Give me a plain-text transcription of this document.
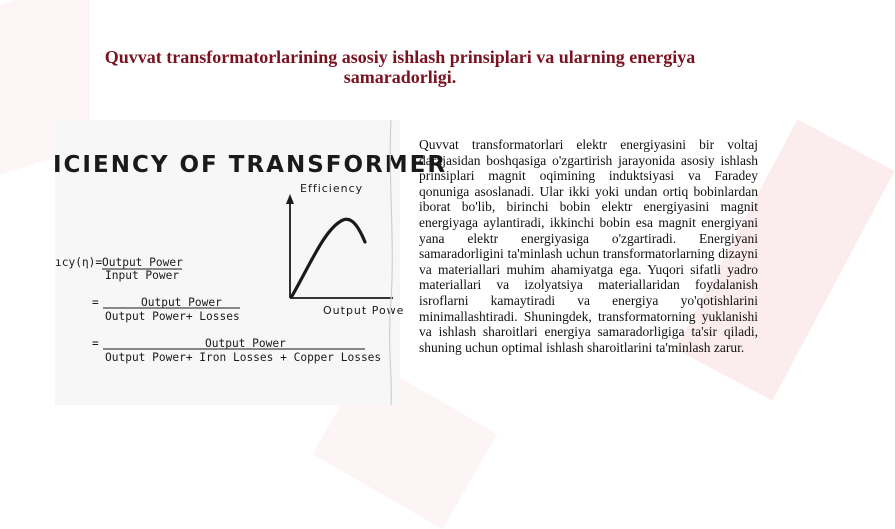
Quvvat transformatorlarining asosiy ishlash prinsiplari va ularning energiya samaradorligi.
ICIENCY OF TRANSFORMER
ıcy(η)= Output Power
Input Power
=	Output Power
Output Power+ Losses
=	Output Power
Output Power+ Iron Losses + Copper Losses
Efficiency
Output Powe

Quvvat transformatorlari elektr energiyasini bir voltaj darajasidan boshqasiga o'zgartirish jarayonida asosiy ishlash prinsiplari magnit oqimining induktsiyasi va Faradey qonuniga asoslanadi. Ular ikki yoki undan ortiq bobinlardan iborat bo'lib, birinchi bobin elektr energiyasini magnit energiyaga aylantiradi, ikkinchi bobin esa magnit energiyani yana elektr energiyasiga o'zgartiradi. Energiyani samaradorligini ta'minlash uchun transformatorlarning dizayni va materiallari muhim ahamiyatga ega. Yuqori sifatli yadro materiallari va izolyatsiya materiallaridan foydalanish isroflarni kamaytiradi va energiya yo'qotishlarini minimallashtiradi. Shuningdek, transformatorning yuklanishi va ishlash sharoitlari energiya samaradorligiga ta'sir qiladi, shuning uchun optimal ishlash sharoitlarini ta'minlash zarur.
